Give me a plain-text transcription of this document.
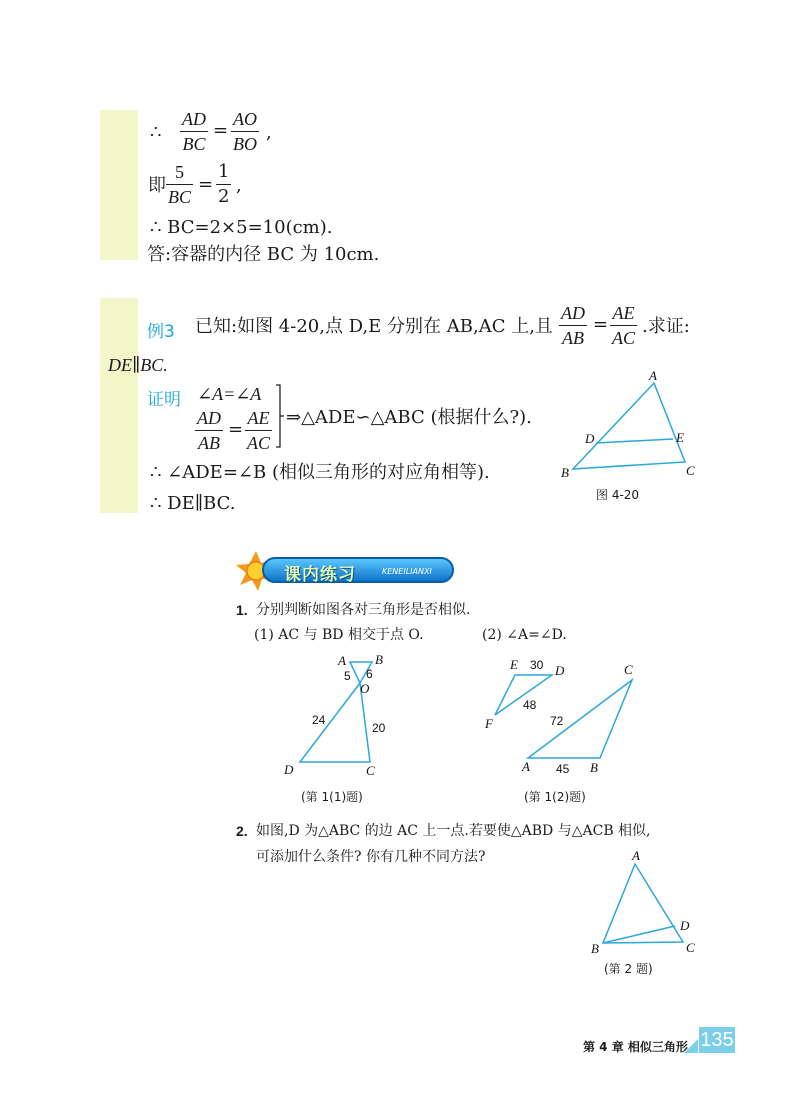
∴ $\frac{AD}{BC} = \frac{AO}{BO}$ ,
即 $\frac{5}{BC} = \frac{1}{2}$ ,
∴ BC=2×5=10(cm).
答:容器的内径 BC 为 10cm.
例3 已知:如图 4-20,点 D,E 分别在 AB,AC 上,且 $\frac{AD}{AB} = \frac{AE}{AC}$ .求证:
DE∥BC.
证明 ∠A=∠A
$\frac{AD}{AB} = \frac{AE}{AC}$ ⇒△ADE∽△ABC (根据什么?).
∴ ∠ADE=∠B (相似三角形的对应角相等).
∴ DE∥BC.
A
B	C
D	E
图 4-20
课内练习	KENEILIANXI
1. 分别判断如图各对三角形是否相似.
(1) AC 与 BD 相交于点 O.	(2) ∠A=∠D.
A B
O
D	C
5 6
24
20
(第 1(1)题)
E	D
F
C
A	B
30
48
72
45
(第 1(2)题)
2. 如图,D 为△ABC 的边 AC 上一点.若要使△ABD 与△ACB 相似,
可添加什么条件? 你有几种不同方法?	A
B	C
D
(第 2 题)
第 4 章 相似三角形 135
